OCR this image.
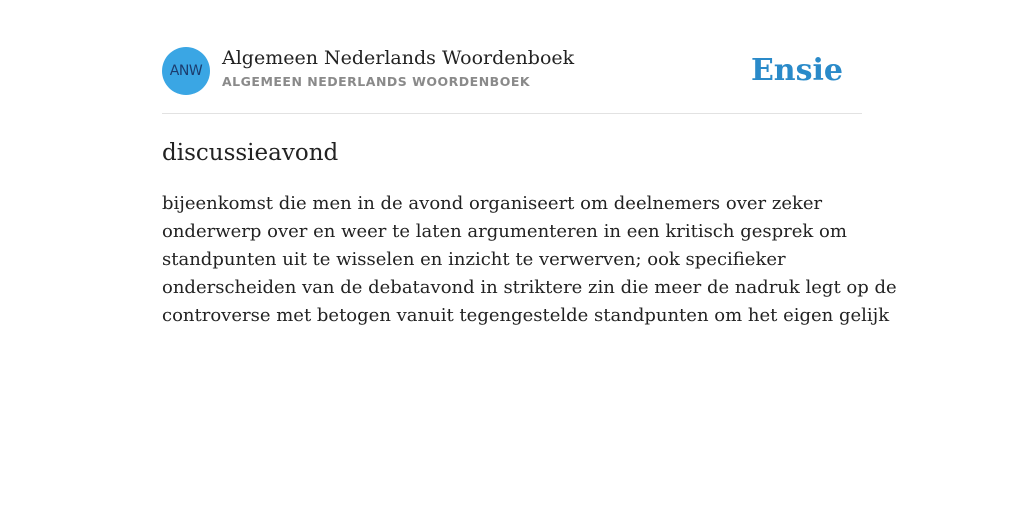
ANW
Algemeen Nederlands Woordenboek
ALGEMEEN NEDERLANDS WOORDENBOEK	Ensie
discussieavond
bijeenkomst die men in de avond organiseert om deelnemers over zeker
onderwerp over en weer te laten argumenteren in een kritisch gesprek om
standpunten uit te wisselen en inzicht te verwerven; ook specifieker
onderscheiden van de debatavond in striktere zin die meer de nadruk legt op de
controverse met betogen vanuit tegengestelde standpunten om het eigen gelijk
